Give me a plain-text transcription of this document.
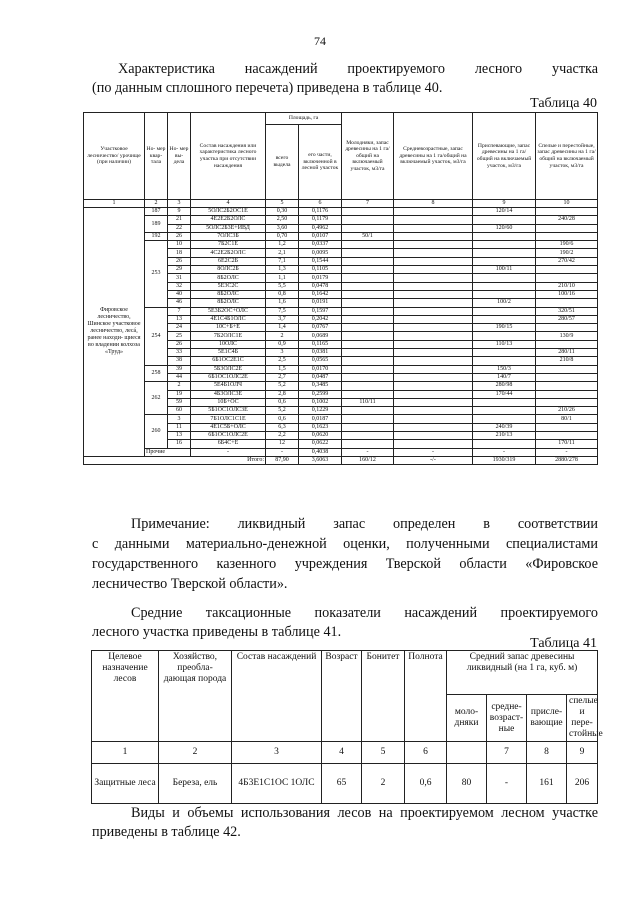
74
Характеристика насаждений проектируемого лесного участка
(по данным сплошного перечета) приведена в таблице 40.
Таблица 40
Участковое лесничество/ урочище (при наличии)	Но- мер квар- тала	Но- мер вы- дела	Состав насаждения или характеристика лесного участка при отсутствии насаждения	Площадь, га		Молодняки, запас древесины на 1 га/ общий на включаемый участок, м3/га	Средневозрастные, запас древесины на 1 га/общий на включаемый участок, м3/га	Приспевающие, запас древесины на 1 га/общий на включаемый участок, м3/га	Спелые и перестойные, запас древесины на 1 га/ общий на включаемый участок, м3/га
				всего выдела	его части, включенной в лесной участок				
1	2	3	4	5	6	7	8	9	10
Фировское лесничество, Шинское участковое лесничество, лесá, ранее находи- щиеся во владении колхоза «Труд»	187	9	5ОЛС2Б2ОС1Е	0,30	0,1176			120/14	
	189	21	4Е2Е2Б2ОЛС	2,50	0,1179				240/28
		22	5ОЛС2Б3Е+ИВД	3,60	0,4962			120/60	
	192	26	7ОЛС3Б	0,70	0,0107	50/1			
	253	10	7Б2С1Е	1,2	0,0337				190/6
		18	4С2Е2Б2ОЛС	2,1	0,0095				190/2
		26	6Е2С2Б	7,1	0,1544				270/42
		29	8ОЛС2Б	1,3	0,1105			100/11	
		31	8Б2ОЛС	1,1	0,0179				
		32	5Е3С2С	5,5	0,0478				210/10
		40	8Б2ОЛС	0,8	0,1642				100/16
		46	8Б2ОЛС	1,6	0,0191			100/2	
	254	7	5Е3Б2ОС+ОЛС	7,5	0,1597				320/51
		13	4Е1С4Б1ОЛС	3,7	0,2042				280/57
		24	10С+Б+Е	1,4	0,0767			190/15	
		25	7Б2ОЛС1Е	2	0,0689				130/9
		26	10ОЛС	0,9	0,1165			110/13	
		33	5Е1С4Б	3	0,0381				280/11
		38	6Б1ОС2Е1С	2,5	0,0565				210/8
	258	39	5Б3ОЛС2Е	1,5	0,0170			150/3	
		44	6Б1ОС1ОЛС2Е	2,7	0,0487			140/7	
	262	2	5Е4Б1ОЛЧ	5,2	0,3485			280/98	
		19	4Б3ОЛС3Е	2,8	0,2599			170/44	
		59	10Б+ОС	0,6	0,1002	110/11			
		60	5Б1ОС1ОЛС3Е	5,2	0,1229				210/26
	260	3	7Б1ОЛС1С1Е	0,6	0,0187				80/1
		11	4Е1С5Б+ОЛС	6,3	0,1623			240/39	
		13	6Б1ОС1ОЛС2Е	2,2	0,0620			210/13	
		16	6Б4С+Е	12	0,0622				170/11
	Прочие		-	-	0,4038	-	-	-	-
Итого:				87,90	3,6063	160/12	-/-	1930/319	2880/278
Примечание: ликвидный запас определен в соответствии
с данными материально-денежной оценки, полученными специалистами
государственного казенного учреждения Тверской области «Фировское
лесничество Тверской области».
Средние таксационные показатели насаждений проектируемого
лесного участка приведены в таблице 41.
Таблица 41
Целевое назначение лесов	Хозяйство, преобла- дающая порода	Состав насаждений	Возраст	Бонитет	Полнота	Средний запас древесины ликвидный (на 1 га, куб. м)			
						моло- дняки	средне- возраст- ные	присле- вающие	спелые и пере- стойные
1	2	3	4	5	6		7	8	9
Защитные леса	Береза, ель	4Б3Е1С1ОС 1ОЛС	65	2	0,6	80	-	161	206
Виды и объемы использования лесов на проектируемом лесном участке
приведены в таблице 42.
